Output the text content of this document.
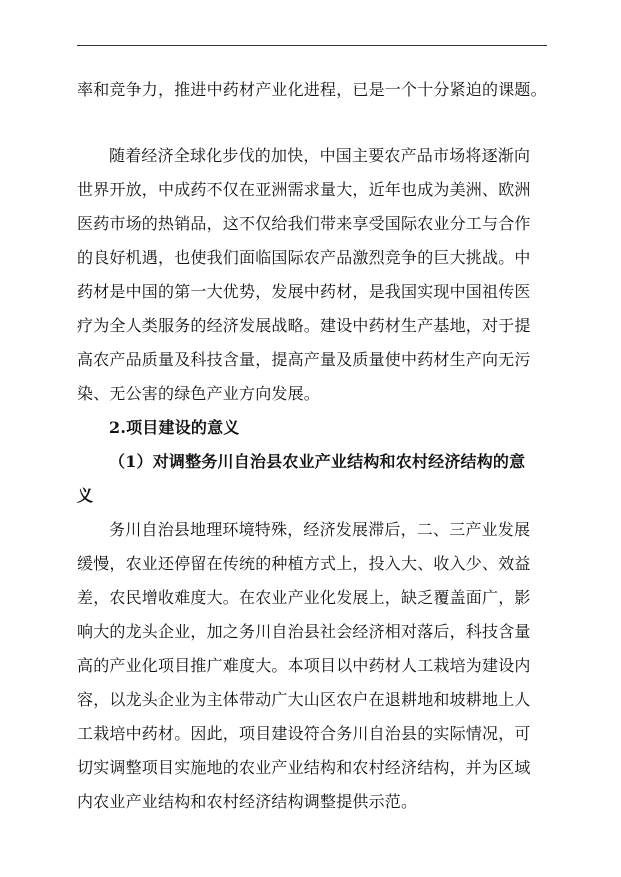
率和竞争力，推进中药材产业化进程，已是一个十分紧迫的课题。
随着经济全球化步伐的加快，中国主要农产品市场将逐渐向
世界开放，中成药不仅在亚洲需求量大，近年也成为美洲、欧洲
医药市场的热销品，这不仅给我们带来享受国际农业分工与合作
的良好机遇，也使我们面临国际农产品激烈竞争的巨大挑战。中
药材是中国的第一大优势，发展中药材，是我国实现中国祖传医
疗为全人类服务的经济发展战略。建设中药材生产基地，对于提
高农产品质量及科技含量，提高产量及质量使中药材生产向无污
染、无公害的绿色产业方向发展。
2.项目建设的意义
（1）对调整务川自治县农业产业结构和农村经济结构的意
义
务川自治县地理环境特殊，经济发展滞后，二、三产业发展
缓慢，农业还停留在传统的种植方式上，投入大、收入少、效益
差，农民增收难度大。在农业产业化发展上，缺乏覆盖面广，影
响大的龙头企业，加之务川自治县社会经济相对落后，科技含量
高的产业化项目推广难度大。本项目以中药材人工栽培为建设内
容，以龙头企业为主体带动广大山区农户在退耕地和坡耕地上人
工栽培中药材。因此，项目建设符合务川自治县的实际情况，可
切实调整项目实施地的农业产业结构和农村经济结构，并为区域
内农业产业结构和农村经济结构调整提供示范。
